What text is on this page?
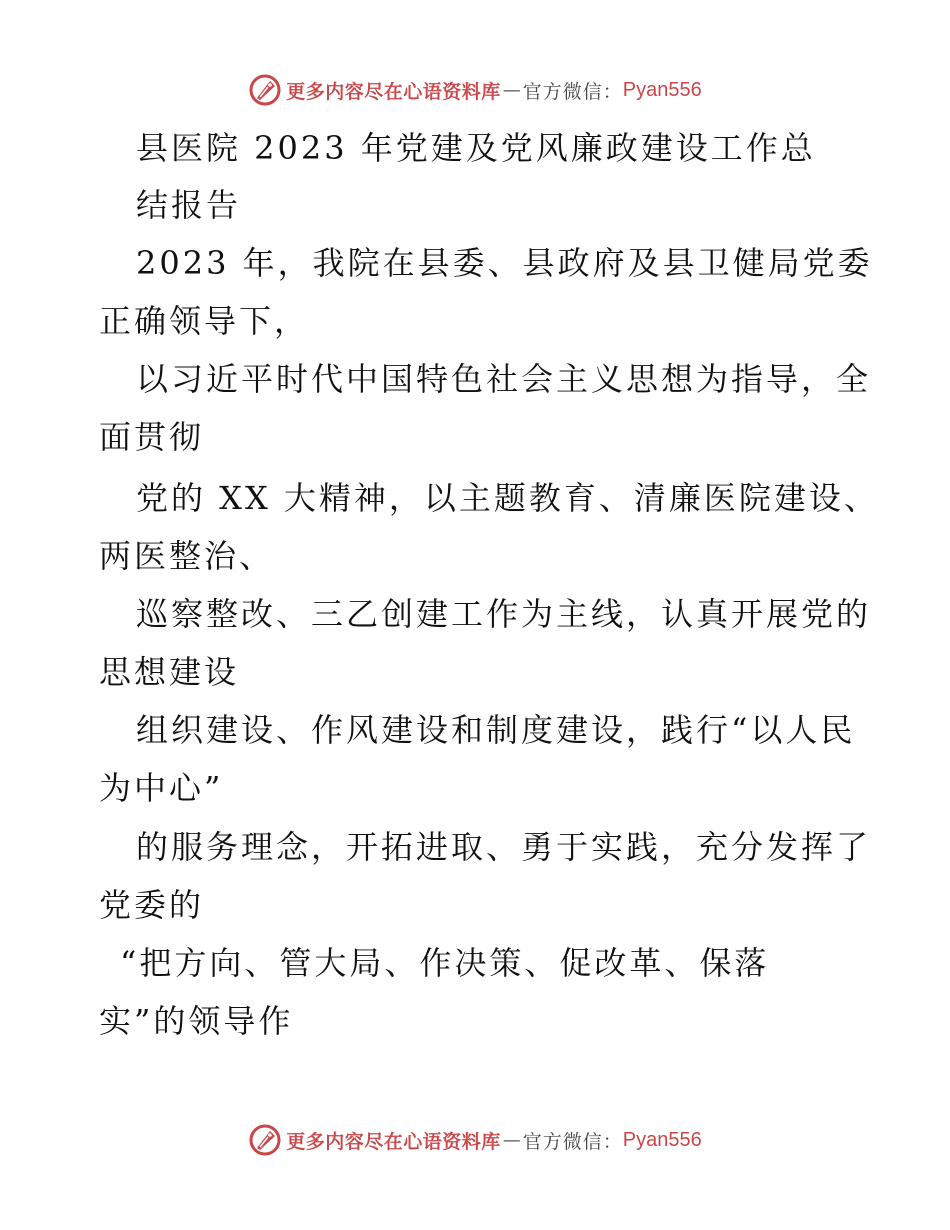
更多内容尽在心语资料库 — 官方微信： Pyan556
县医院 2023 年党建及党风廉政建设工作总
结报告
2023 年，我院在县委、县政府及县卫健局党委
正确领导下，
以习近平时代中国特色社会主义思想为指导，全
面贯彻
党的 XX 大精神，以主题教育、清廉医院建设、
两医整治、
巡察整改、三乙创建工作为主线，认真开展党的
思想建设
组织建设、作风建设和制度建设，践行“以人民
为中心”
的服务理念，开拓进取、勇于实践，充分发挥了
党委的
“把方向、管大局、作决策、促改革、保落
实”的领导作
更多内容尽在心语资料库 — 官方微信： Pyan556
